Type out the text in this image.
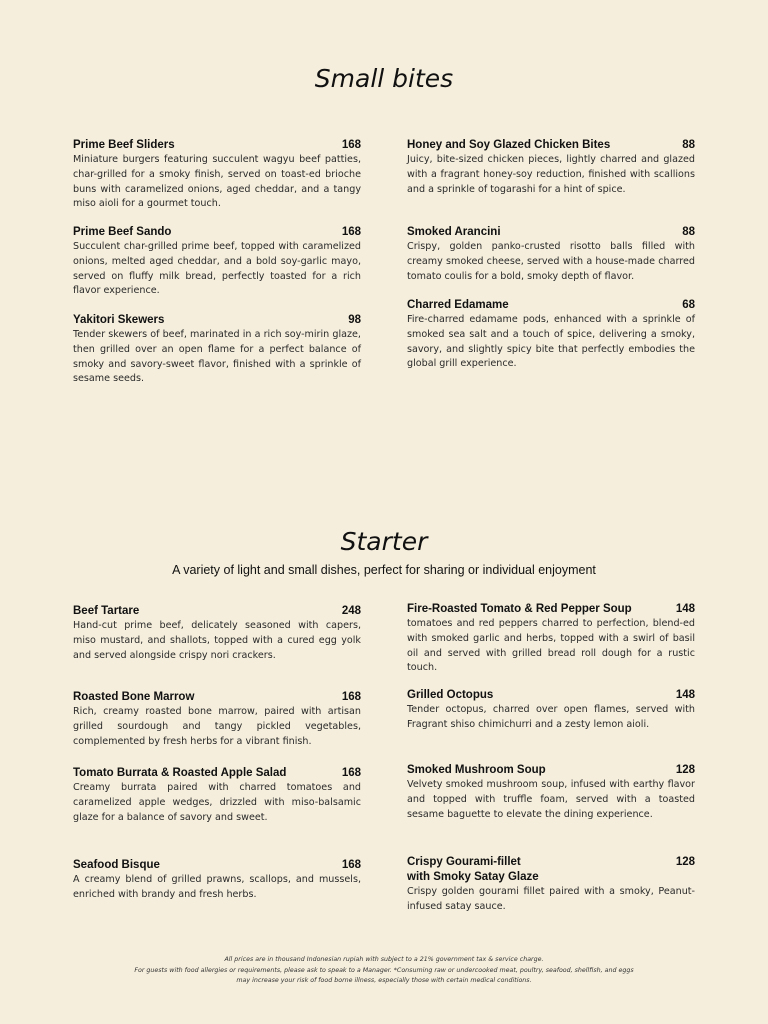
Small bites
Prime Beef Sliders	168
Miniature burgers featuring succulent wagyu beef patties, char-grilled for a smoky finish, served on toast-ed brioche buns with caramelized onions, aged cheddar, and a tangy miso aioli for a gourmet touch.
Prime Beef Sando	168
Succulent char-grilled prime beef, topped with caramelized onions, melted aged cheddar, and a bold soy-garlic mayo, served on fluffy milk bread, perfectly toasted for a rich flavor experience.
Yakitori Skewers	98
Tender skewers of beef, marinated in a rich soy-mirin glaze, then grilled over an open flame for a perfect balance of smoky and savory-sweet flavor, finished with a sprinkle of sesame seeds.
Honey and Soy Glazed Chicken Bites	88
Juicy, bite-sized chicken pieces, lightly charred and glazed with a fragrant honey-soy reduction, finished with scallions and a sprinkle of togarashi for a hint of spice.
Smoked Arancini	88
Crispy, golden panko-crusted risotto balls filled with creamy smoked cheese, served with a house-made charred tomato coulis for a bold, smoky depth of flavor.
Charred Edamame	68
Fire-charred edamame pods, enhanced with a sprinkle of smoked sea salt and a touch of spice, delivering a smoky, savory, and slightly spicy bite that perfectly embodies the global grill experience.
Starter

A variety of light and small dishes, perfect for sharing or individual enjoyment

Beef Tartare	248
Hand-cut prime beef, delicately seasoned with capers, miso mustard, and shallots, topped with a cured egg yolk and served alongside crispy nori crackers.
Roasted Bone Marrow	168
Rich, creamy roasted bone marrow, paired with artisan grilled sourdough and tangy pickled vegetables, complemented by fresh herbs for a vibrant finish.
Tomato Burrata & Roasted Apple Salad	168
Creamy burrata paired with charred tomatoes and caramelized apple wedges, drizzled with miso-balsamic glaze for a balance of savory and sweet.
Seafood Bisque	168
A creamy blend of grilled prawns, scallops, and mussels, enriched with brandy and fresh herbs.
Fire-Roasted Tomato & Red Pepper Soup	148
tomatoes and red peppers charred to perfection, blend-ed with smoked garlic and herbs, topped with a swirl of basil oil and served with grilled bread roll dough for a rustic touch.
Grilled Octopus	148
Tender octopus, charred over open flames, served with Fragrant shiso chimichurri and a zesty lemon aioli.
Smoked Mushroom Soup	128
Velvety smoked mushroom soup, infused with earthy flavor and topped with truffle foam, served with a toasted sesame baguette to elevate the dining experience.
Crispy Gourami-fillet	128
with Smoky Satay Glaze
Crispy golden gourami fillet paired with a smoky, Peanut-infused satay sauce.
All prices are in thousand Indonesian rupiah with subject to a 21% government tax & service charge.
For guests with food allergies or requirements, please ask to speak to a Manager. *Consuming raw or undercooked meat, poultry, seafood, shellfish, and eggs
may increase your risk of food borne illness, especially those with certain medical conditions.
